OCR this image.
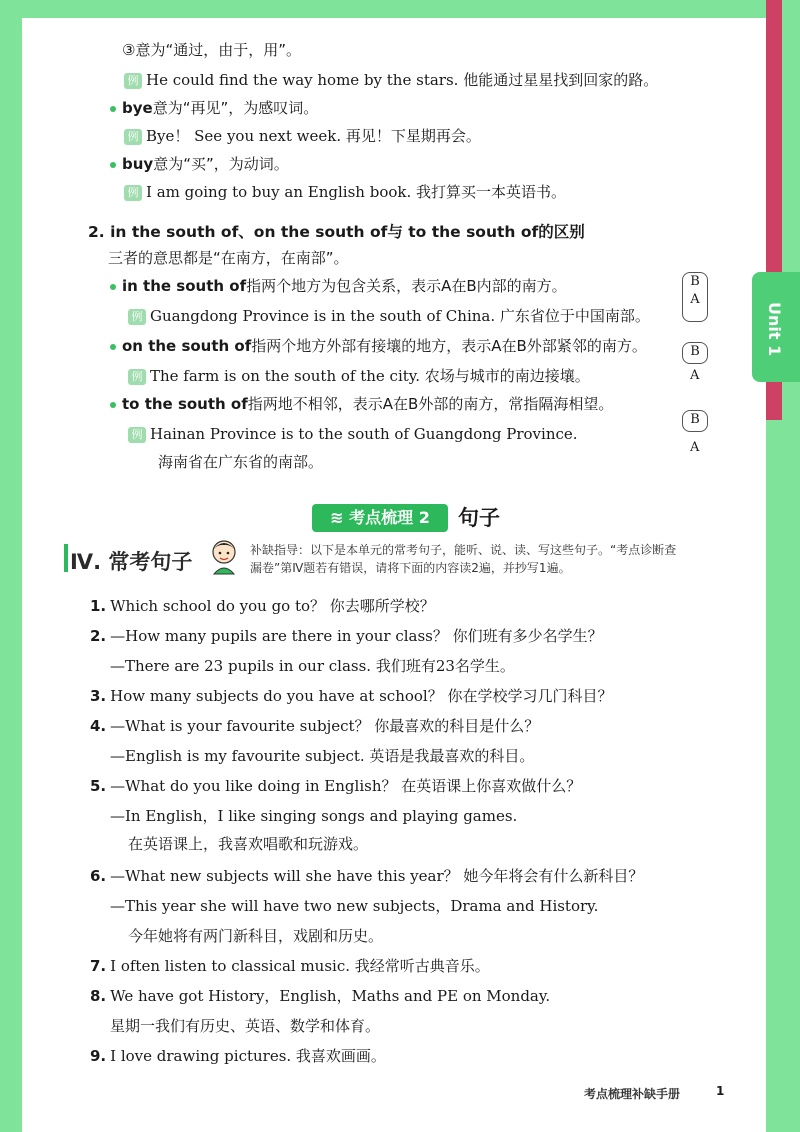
Unit 1
③意为“通过，由于，用”。
例 He could find the way home by the stars. 他能通过星星找到回家的路。
bye意为“再见”，为感叹词。
例 Bye！ See you next week. 再见！下星期再会。
buy意为“买”，为动词。
例 I am going to buy an English book. 我打算买一本英语书。
2. in the south of、on the south of与 to the south of的区别
三者的意思都是“在南方，在南部”。
in the south of指两个地方为包含关系，表示A在B内部的南方。
例 Guangdong Province is in the south of China. 广东省位于中国南部。
on the south of指两个地方外部有接壤的地方，表示A在B外部紧邻的南方。
例 The farm is on the south of the city. 农场与城市的南边接壤。
to the south of指两地不相邻，表示A在B外部的南方，常指隔海相望。
例 Hainan Province is to the south of Guangdong Province.
海南省在广东省的南部。
B
A
B
A
B
A
≋ 考点梳理 2	句子
Ⅳ. 常考句子	补缺指导：以下是本单元的常考句子，能听、说、读、写这些句子。“考点诊断查
漏卷”第Ⅳ题若有错误，请将下面的内容读2遍，并抄写1遍。
1. Which school do you go to？ 你去哪所学校？
2. —How many pupils are there in your class？ 你们班有多少名学生？
—There are 23 pupils in our class. 我们班有23名学生。
3. How many subjects do you have at school？ 你在学校学习几门科目？
4. —What is your favourite subject？ 你最喜欢的科目是什么？
—English is my favourite subject. 英语是我最喜欢的科目。
5. —What do you like doing in English？ 在英语课上你喜欢做什么？
—In English，I like singing songs and playing games.
在英语课上，我喜欢唱歌和玩游戏。
6. —What new subjects will she have this year？ 她今年将会有什么新科目？
—This year she will have two new subjects，Drama and History.
今年她将有两门新科目，戏剧和历史。
7. I often listen to classical music. 我经常听古典音乐。
8. We have got History，English，Maths and PE on Monday.
星期一我们有历史、英语、数学和体育。
9. I love drawing pictures. 我喜欢画画。
考点梳理补缺手册	1
